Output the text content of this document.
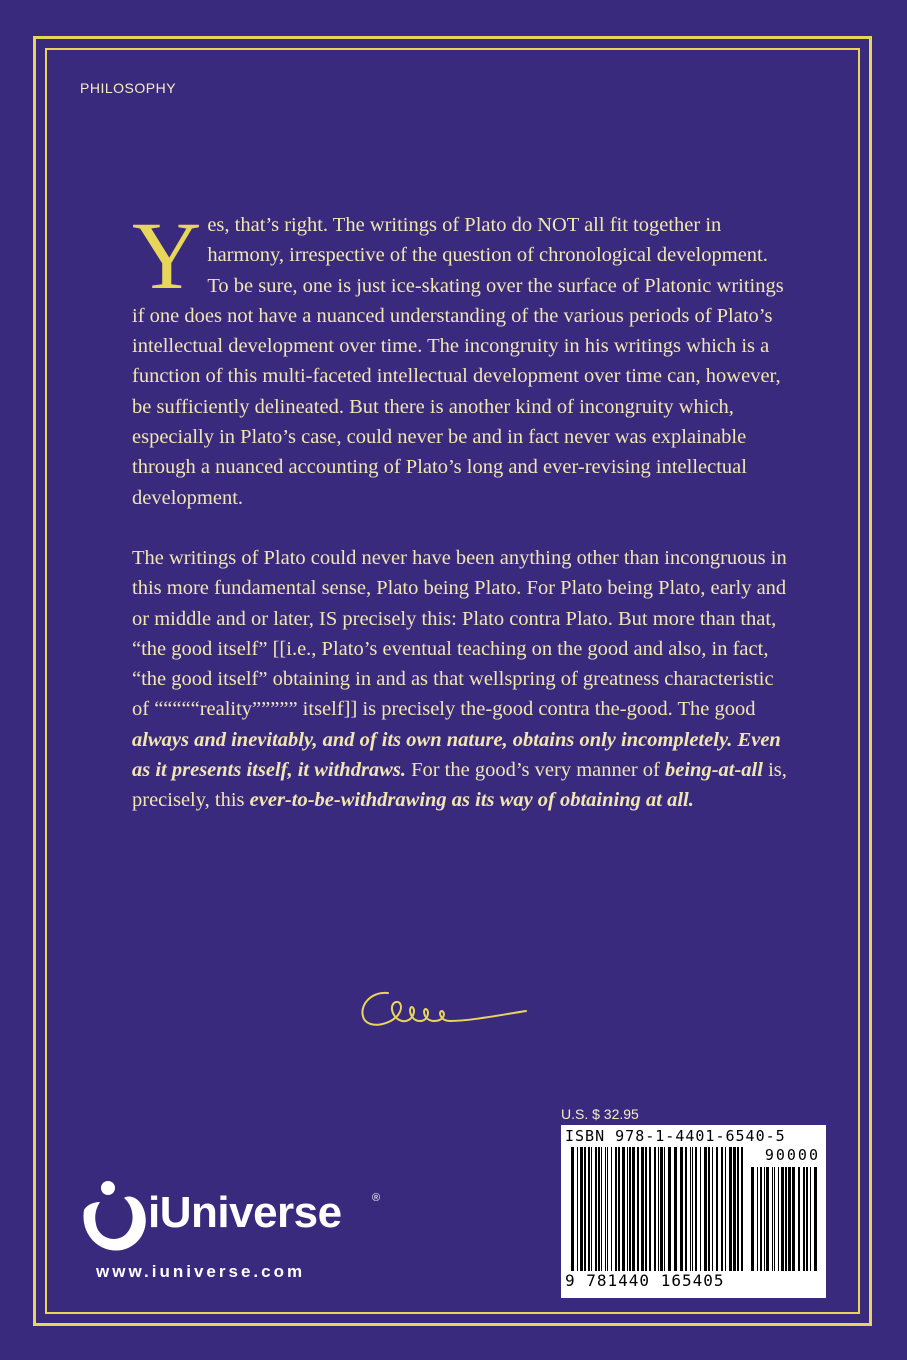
PHILOSOPHY

Yes, that’s right. The writings of Plato do NOT all fit together in harmony, irrespective of the question of chronological development. To be sure, one is just ice-skating over the surface of Platonic writings if one does not have a nuanced understanding of the various periods of Plato’s intellectual development over time. The incongruity in his writings which is a function of this multi-faceted intellectual development over time can, however, be sufficiently delineated. But there is another kind of incongruity which, especially in Plato’s case, could never be and in fact never was explainable through a nuanced accounting of Plato’s long and ever-revising intellectual development.

The writings of Plato could never have been anything other than incongruous in this more fundamental sense, Plato being Plato. For Plato being Plato, early and or middle and or later, IS precisely this: Plato contra Plato. But more than that, “the good itself” [[i.e., Plato’s eventual teaching on the good and also, in fact, “the good itself” obtaining in and as that wellspring of greatness characteristic of “““““reality””””” itself]] is precisely the-good contra the-good. The good always and inevitably, and of its own nature, obtains only incompletely. Even as it presents itself, it withdraws. For the good’s very manner of being-at-all is, precisely, this ever-to-be-withdrawing as its way of obtaining at all.

U.S. $ 32.95
ISBN 978-1-4401-6540-5
90000
9 781440 165405
iUniverse	®
www.iuniverse.com
